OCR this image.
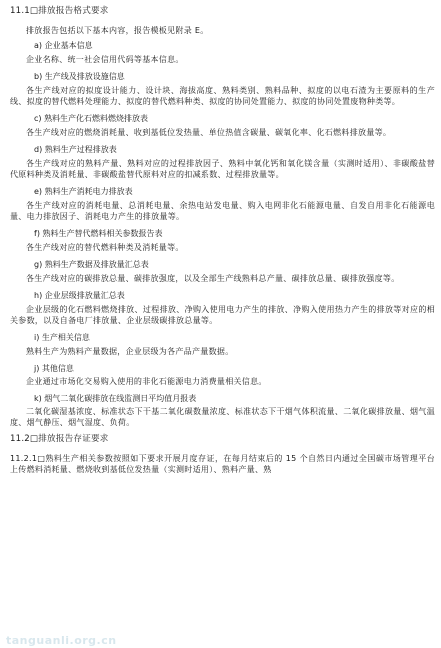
11.1□排放报告格式要求
排放报告包括以下基本内容，报告模板见附录 E。
a) 企业基本信息
企业名称、统一社会信用代码等基本信息。
b) 生产线及排放设施信息
各生产线对应的拟度设计能力、设计块、海拔高度、熟料类别、熟料品种、拟度的以电石渣为主要原料的生产线、拟度的替代燃料处理能力、拟度的替代燃料种类、拟度的协同处置能力、拟度的协同处置废物种类等。
c) 熟料生产化石燃料燃烧排放表
各生产线对应的燃烧消耗量、收到基低位发热量、单位热值含碳量、碳氧化率、化石燃料排放量等。
d) 熟料生产过程排放表
各生产线对应的熟料产量、熟料对应的过程排放因子、熟料中氧化钙和氧化镁含量（实测时适用）、非碳酸盐替代原料种类及消耗量、非碳酸盐替代原料对应的扣减系数、过程排放量等。
e) 熟料生产消耗电力排放表
各生产线对应的消耗电量、总消耗电量、余热电站发电量、购入电网非化石能源电量、自发自用非化石能源电量、电力排放因子、消耗电力产生的排放量等。
f) 熟料生产替代燃料相关参数报告表
各生产线对应的替代燃料种类及消耗量等。
g) 熟料生产数据及排放量汇总表
各生产线对应的碳排放总量、碳排放强度，以及全部生产线熟料总产量、碳排放总量、碳排放强度等。
h) 企业层级排放量汇总表
企业层级的化石燃料燃烧排放、过程排放、净购入使用电力产生的排放、净购入使用热力产生的排放等对应的相关参数，以及自备电厂排放量、企业层级碳排放总量等。
i) 生产相关信息
熟料生产为熟料产量数据，企业层级为各产品产量数据。
j) 其他信息
企业通过市场化交易购入使用的非化石能源电力消费量相关信息。
k) 烟气二氧化碳排放在线监测日平均值月报表
二氧化碳湿基浓度、标准状态下干基二氧化碳数量浓度、标准状态下干烟气体积流量、二氧化碳排放量、烟气温度、烟气静压、烟气湿度、负荷。
11.2□排放报告存证要求
11.2.1□熟料生产相关参数按照如下要求开展月度存证，在每月结束后的 15 个自然日内通过全国碳市场管理平台上传燃料消耗量、燃烧收到基低位发热量（实测时适用）、熟料产量、熟
tanguanli.org.cn
